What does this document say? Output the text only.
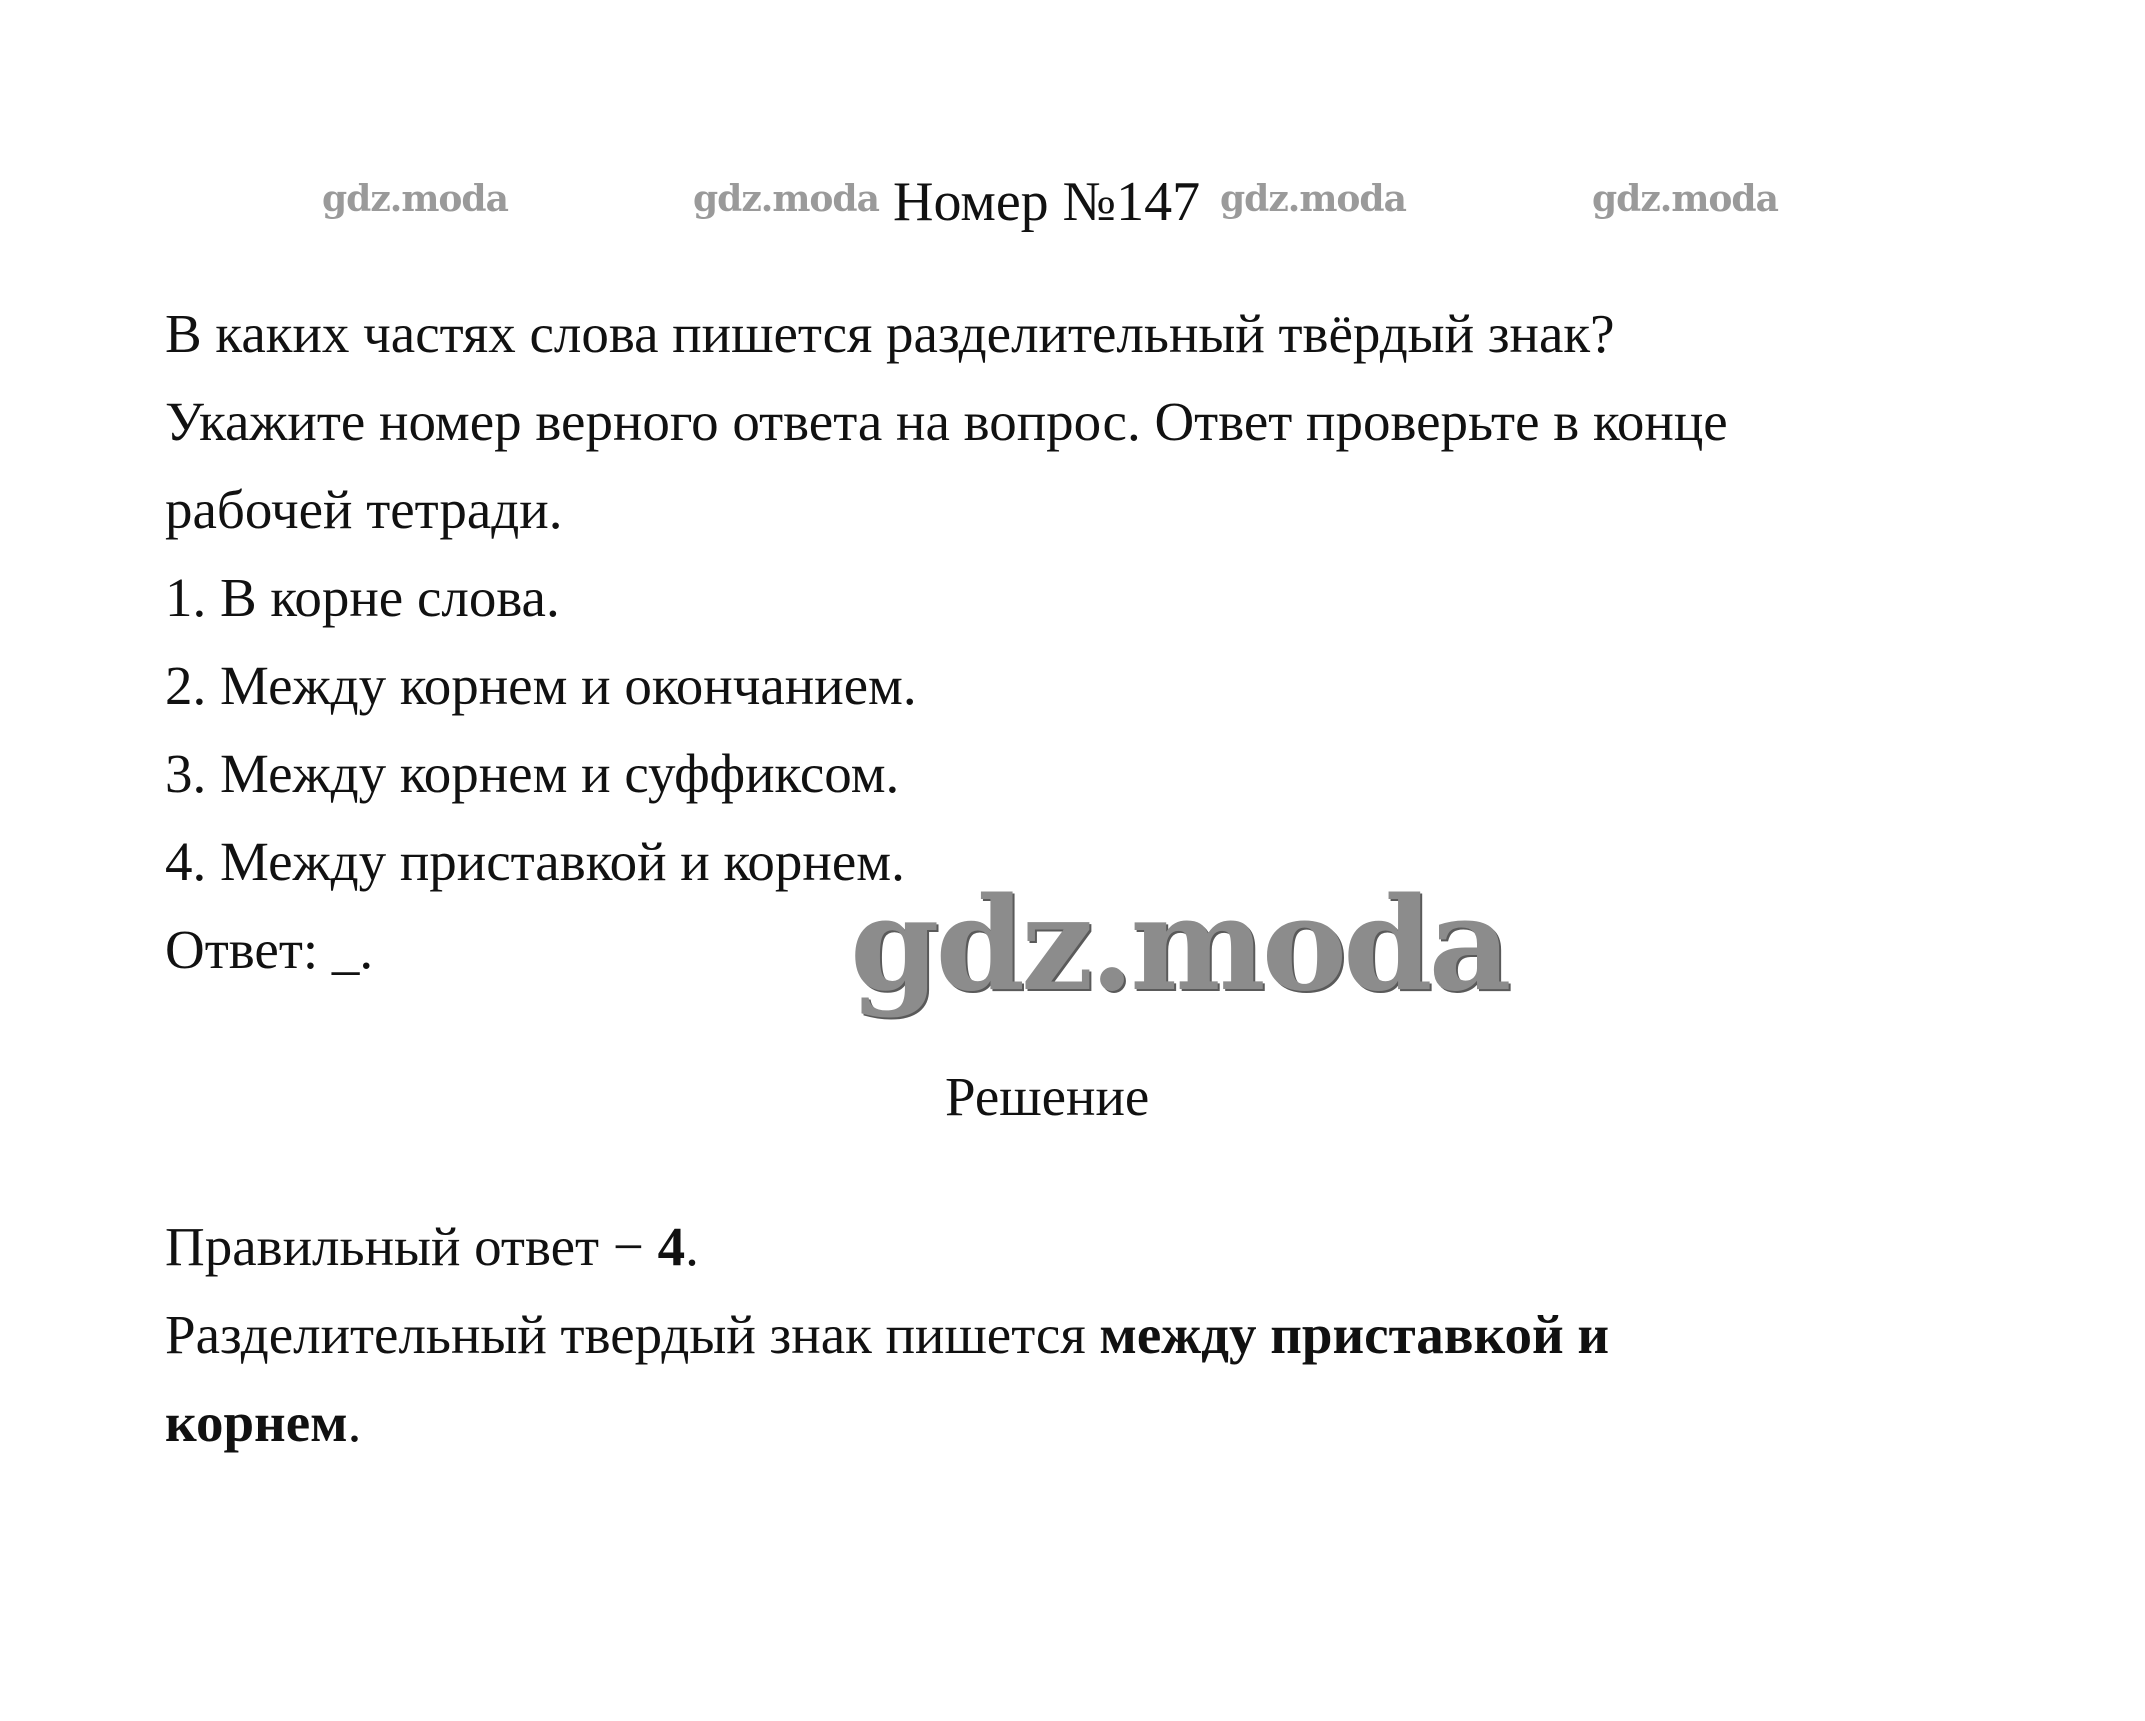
gdz.moda	gdz.moda	gdz.moda	gdz.moda
Номер №147
В каких частях слова пишется разделительный твёрдый знак?
Укажите номер верного ответа на вопрос. Ответ проверьте в конце
рабочей тетради.
1. В корне слова.
2. Между корнем и окончанием.
3. Между корнем и суффиксом.
4. Между приставкой и корнем.
Ответ: _.	gdz.moda
Решение
Правильный ответ − 4.
Разделительный твердый знак пишется между приставкой и
корнем.
